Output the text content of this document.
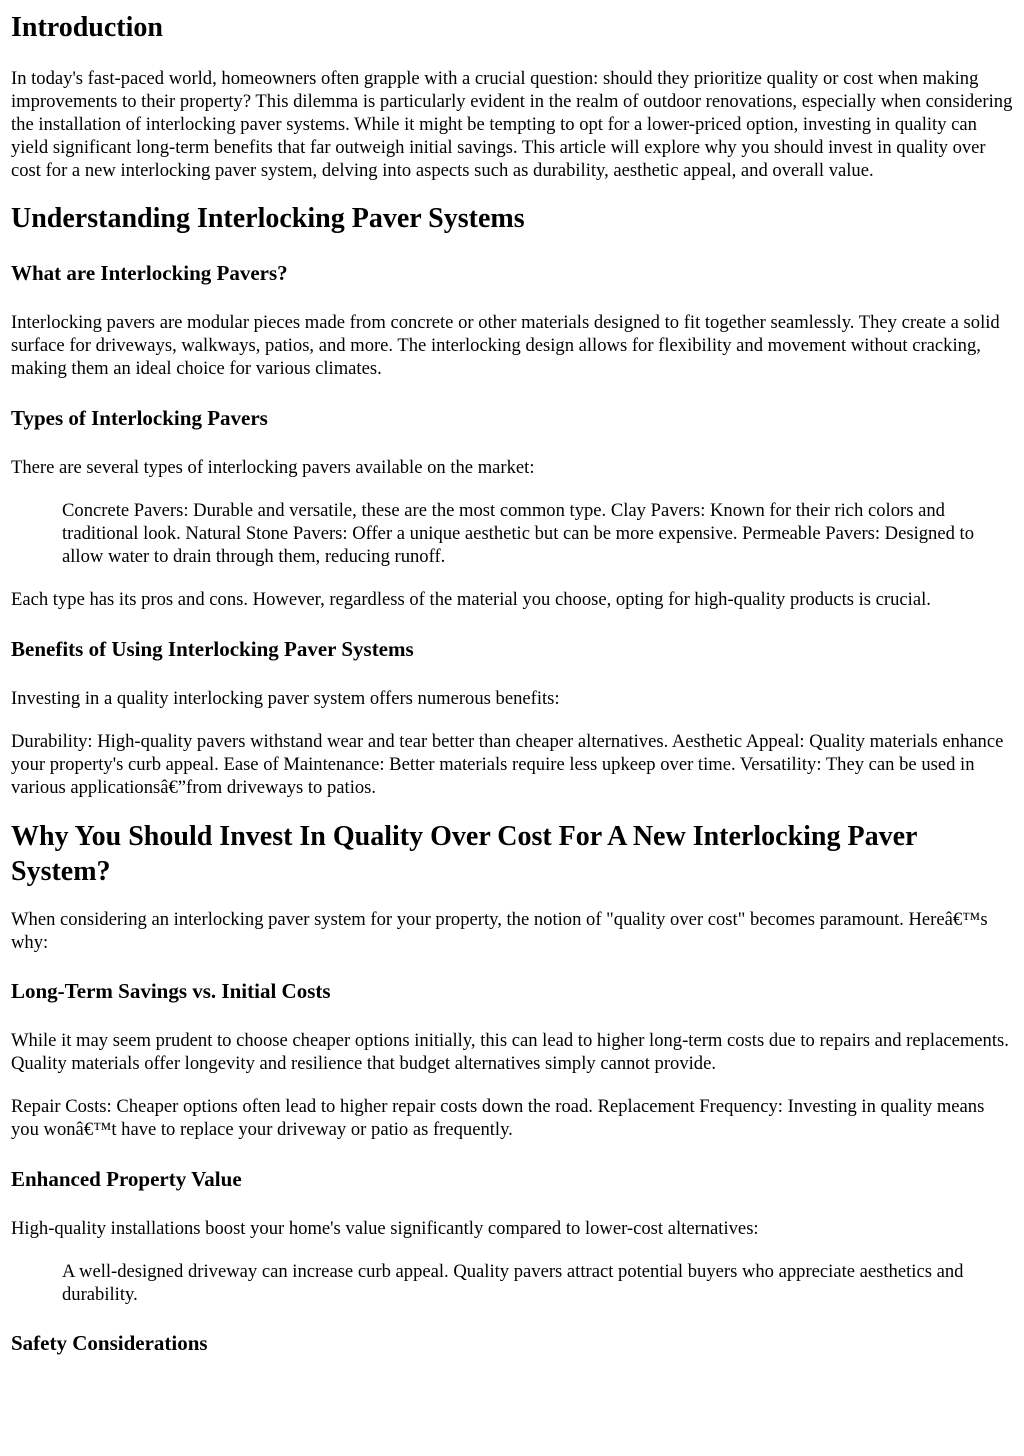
Introduction

In today's fast-paced world, homeowners often grapple with a crucial question: should they prioritize quality or cost when making improvements to their property? This dilemma is particularly evident in the realm of outdoor renovations, especially when considering the installation of interlocking paver systems. While it might be tempting to opt for a lower-priced option, investing in quality can yield significant long-term benefits that far outweigh initial savings. This article will explore why you should invest in quality over cost for a new interlocking paver system, delving into aspects such as durability, aesthetic appeal, and overall value.

Understanding Interlocking Paver Systems
What are Interlocking Pavers?

Interlocking pavers are modular pieces made from concrete or other materials designed to fit together seamlessly. They create a solid surface for driveways, walkways, patios, and more. The interlocking design allows for flexibility and movement without cracking, making them an ideal choice for various climates.

Types of Interlocking Pavers

There are several types of interlocking pavers available on the market:

Concrete Pavers: Durable and versatile, these are the most common type. Clay Pavers: Known for their rich colors and traditional look. Natural Stone Pavers: Offer a unique aesthetic but can be more expensive. Permeable Pavers: Designed to allow water to drain through them, reducing runoff.

Each type has its pros and cons. However, regardless of the material you choose, opting for high-quality products is crucial.

Benefits of Using Interlocking Paver Systems

Investing in a quality interlocking paver system offers numerous benefits:

Durability: High-quality pavers withstand wear and tear better than cheaper alternatives. Aesthetic Appeal: Quality materials enhance your property's curb appeal. Ease of Maintenance: Better materials require less upkeep over time. Versatility: They can be used in various applicationsâ€”from driveways to patios.

Why You Should Invest In Quality Over Cost For A New Interlocking Paver System?

When considering an interlocking paver system for your property, the notion of "quality over cost" becomes paramount. Hereâ€™s why:

Long-Term Savings vs. Initial Costs

While it may seem prudent to choose cheaper options initially, this can lead to higher long-term costs due to repairs and replacements. Quality materials offer longevity and resilience that budget alternatives simply cannot provide.

Repair Costs: Cheaper options often lead to higher repair costs down the road. Replacement Frequency: Investing in quality means you wonâ€™t have to replace your driveway or patio as frequently.

Enhanced Property Value

High-quality installations boost your home's value significantly compared to lower-cost alternatives:

A well-designed driveway can increase curb appeal. Quality pavers attract potential buyers who appreciate aesthetics and durability.
Safety Considerations
